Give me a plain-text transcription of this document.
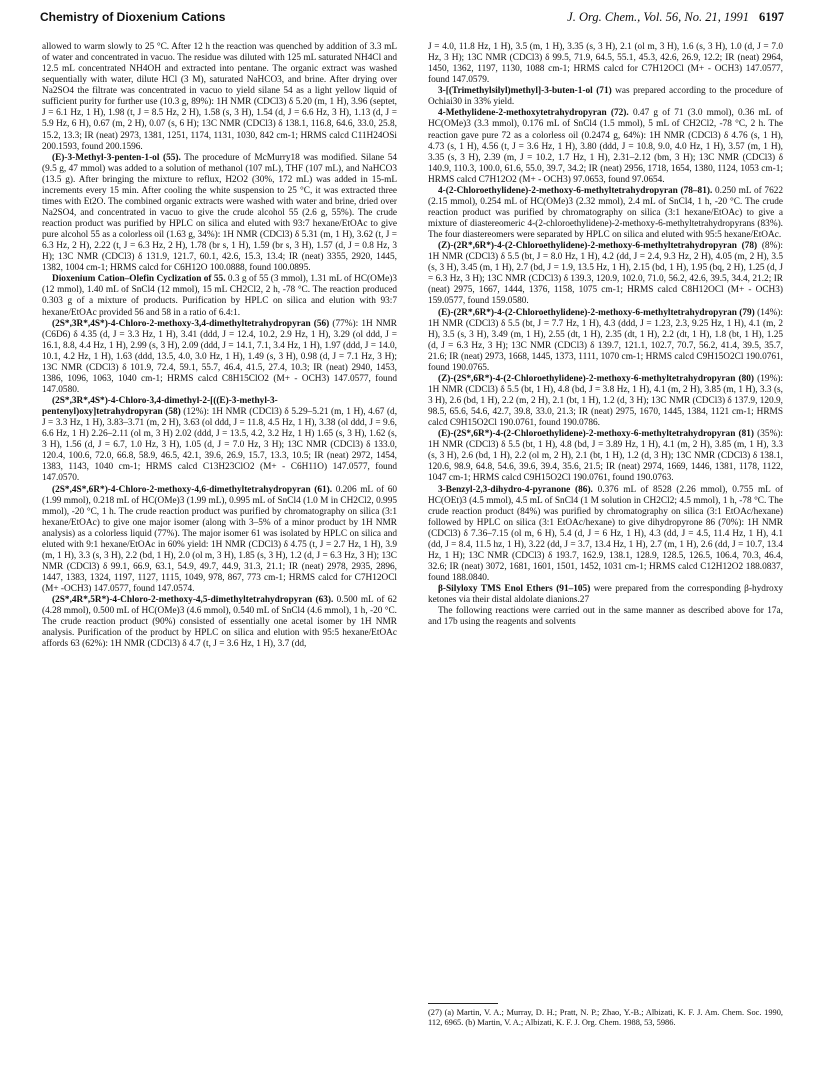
Chemistry of Dioxenium Cations	J. Org. Chem., Vol. 56, No. 21, 1991 6197

allowed to warm slowly to 25 °C. After 12 h the reaction was quenched by addition of 3.3 mL of water and concentrated in vacuo. The residue was diluted with 125 mL saturated NH4Cl and 12.5 mL concentrated NH4OH and extracted into pentane. The organic extract was washed sequentially with water, dilute HCl (3 M), saturated NaHCO3, and brine. After drying over Na2SO4 the filtrate was concentrated in vacuo to yield silane 54 as a light yellow liquid of sufficient purity for further use (10.3 g, 89%): 1H NMR (CDCl3) δ 5.20 (m, 1 H), 3.96 (septet, J = 6.1 Hz, 1 H), 1.98 (t, J = 8.5 Hz, 2 H), 1.58 (s, 3 H), 1.54 (d, J = 6.6 Hz, 3 H), 1.13 (d, J = 5.9 Hz, 6 H), 0.67 (m, 2 H), 0.07 (s, 6 H); 13C NMR (CDCl3) δ 138.1, 116.8, 64.6, 33.0, 25.8, 15.2, 13.3; IR (neat) 2973, 1381, 1251, 1174, 1131, 1030, 842 cm-1; HRMS calcd C11H24OSi 200.1593, found 200.1596.

(E)-3-Methyl-3-penten-1-ol (55). The procedure of McMurry18 was modified. Silane 54 (9.5 g, 47 mmol) was added to a solution of methanol (107 mL), THF (107 mL), and NaHCO3 (13.5 g). After bringing the mixture to reflux, H2O2 (30%, 172 mL) was added in 15-mL increments every 15 min. After cooling the white suspension to 25 °C, it was extracted three times with Et2O. The combined organic extracts were washed with water and brine, dried over Na2SO4, and concentrated in vacuo to give the crude alcohol 55 (2.6 g, 55%). The crude reaction product was purified by HPLC on silica and eluted with 93:7 hexane/EtOAc to give pure alcohol 55 as a colorless oil (1.63 g, 34%): 1H NMR (CDCl3) δ 5.31 (m, 1 H), 3.62 (t, J = 6.3 Hz, 2 H), 2.22 (t, J = 6.3 Hz, 2 H), 1.78 (br s, 1 H), 1.59 (br s, 3 H), 1.57 (d, J = 0.8 Hz, 3 H); 13C NMR (CDCl3) δ 131.9, 121.7, 60.1, 42.6, 15.3, 13.4; IR (neat) 3355, 2920, 1445, 1382, 1004 cm-1; HRMS calcd for C6H12O 100.0888, found 100.0895.

Dioxenium Cation–Olefin Cyclization of 55. 0.3 g of 55 (3 mmol), 1.31 mL of HC(OMe)3 (12 mmol), 1.40 mL of SnCl4 (12 mmol), 15 mL CH2Cl2, 2 h, -78 °C. The reaction produced 0.303 g of a mixture of products. Purification by HPLC on silica and elution with 93:7 hexane/EtOAc provided 56 and 58 in a ratio of 6.4:1.

(2S*,3R*,4S*)-4-Chloro-2-methoxy-3,4-dimethyltetrahydropyran (56) (77%): 1H NMR (C6D6) δ 4.35 (d, J = 3.3 Hz, 1 H), 3.41 (ddd, J = 12.4, 10.2, 2.9 Hz, 1 H), 3.29 (ol ddd, J = 16.1, 8.8, 4.4 Hz, 1 H), 2.99 (s, 3 H), 2.09 (ddd, J = 14.1, 7.1, 3.4 Hz, 1 H), 1.97 (ddd, J = 14.0, 10.1, 4.2 Hz, 1 H), 1.63 (ddd, 13.5, 4.0, 3.0 Hz, 1 H), 1.49 (s, 3 H), 0.98 (d, J = 7.1 Hz, 3 H); 13C NMR (CDCl3) δ 101.9, 72.4, 59.1, 55.7, 46.4, 41.5, 27.4, 10.3; IR (neat) 2940, 1453, 1386, 1096, 1063, 1040 cm-1; HRMS calcd C8H15ClO2 (M+ - OCH3) 147.0577, found 147.0580.

(2S*,3R*,4S*)-4-Chloro-3,4-dimethyl-2-[((E)-3-methyl-3-pentenyl)oxy]tetrahydropyran (58) (12%): 1H NMR (CDCl3) δ 5.29–5.21 (m, 1 H), 4.67 (d, J = 3.3 Hz, 1 H), 3.83–3.71 (m, 2 H), 3.63 (ol ddd, J = 11.8, 4.5 Hz, 1 H), 3.38 (ol ddd, J = 9.6, 6.6 Hz, 1 H) 2.26–2.11 (ol m, 3 H) 2.02 (ddd, J = 13.5, 4.2, 3.2 Hz, 1 H) 1.65 (s, 3 H), 1.62 (s, 3 H), 1.56 (d, J = 6.7, 1.0 Hz, 3 H), 1.05 (d, J = 7.0 Hz, 3 H); 13C NMR (CDCl3) δ 133.0, 120.4, 100.6, 72.0, 66.8, 58.9, 46.5, 42.1, 39.6, 26.9, 15.7, 13.3, 10.5; IR (neat) 2972, 1454, 1383, 1143, 1040 cm-1; HRMS calcd C13H23ClO2 (M+ - C6H11O) 147.0577, found 147.0570.

(2S*,4S*,6R*)-4-Chloro-2-methoxy-4,6-dimethyltetrahydropyran (61). 0.206 mL of 60 (1.99 mmol), 0.218 mL of HC(OMe)3 (1.99 mL), 0.995 mL of SnCl4 (1.0 M in CH2Cl2, 0.995 mmol), -20 °C, 1 h. The crude reaction product was purified by chromatography on silica (3:1 hexane/EtOAc) to give one major isomer (along with 3–5% of a minor product by 1H NMR analysis) as a colorless liquid (77%). The major isomer 61 was isolated by HPLC on silica and eluted with 9:1 hexane/EtOAc in 60% yield: 1H NMR (CDCl3) δ 4.75 (t, J = 2.7 Hz, 1 H), 3.9 (m, 1 H), 3.3 (s, 3 H), 2.2 (bd, 1 H), 2.0 (ol m, 3 H), 1.85 (s, 3 H), 1.2 (d, J = 6.3 Hz, 3 H); 13C NMR (CDCl3) δ 99.1, 66.9, 63.1, 54.9, 49.7, 44.9, 31.3, 21.1; IR (neat) 2978, 2935, 2896, 1447, 1383, 1324, 1197, 1127, 1115, 1049, 978, 867, 773 cm-1; HRMS calcd for C7H12OCl (M+ -OCH3) 147.0577, found 147.0574.

(2S*,4R*,5R*)-4-Chloro-2-methoxy-4,5-dimethyltetrahydropyran (63). 0.500 mL of 62 (4.28 mmol), 0.500 mL of HC(OMe)3 (4.6 mmol), 0.540 mL of SnCl4 (4.6 mmol), 1 h, -20 °C. The crude reaction product (90%) consisted of essentially one acetal isomer by 1H NMR analysis. Purification of the product by HPLC on silica and elution with 95:5 hexane/EtOAc affords 63 (62%): 1H NMR (CDCl3) δ 4.7 (t, J = 3.6 Hz, 1 H), 3.7 (dd,

J = 4.0, 11.8 Hz, 1 H), 3.5 (m, 1 H), 3.35 (s, 3 H), 2.1 (ol m, 3 H), 1.6 (s, 3 H), 1.0 (d, J = 7.0 Hz, 3 H); 13C NMR (CDCl3) δ 99.5, 71.9, 64.5, 55.1, 45.3, 42.6, 26.9, 12.2; IR (neat) 2964, 1450, 1362, 1197, 1130, 1088 cm-1; HRMS calcd for C7H12OCl (M+ - OCH3) 147.0577, found 147.0579.

3-[(Trimethylsilyl)methyl]-3-buten-1-ol (71) was prepared according to the procedure of Ochiai30 in 33% yield.

4-Methylidene-2-methoxytetrahydropyran (72). 0.47 g of 71 (3.0 mmol), 0.36 mL of HC(OMe)3 (3.3 mmol), 0.176 mL of SnCl4 (1.5 mmol), 5 mL of CH2Cl2, -78 °C, 2 h. The reaction gave pure 72 as a colorless oil (0.2474 g, 64%): 1H NMR (CDCl3) δ 4.76 (s, 1 H), 4.73 (s, 1 H), 4.56 (t, J = 3.6 Hz, 1 H), 3.80 (ddd, J = 10.8, 9.0, 4.0 Hz, 1 H), 3.57 (m, 1 H), 3.35 (s, 3 H), 2.39 (m, J = 10.2, 1.7 Hz, 1 H), 2.31–2.12 (bm, 3 H); 13C NMR (CDCl3) δ 140.9, 110.3, 100.0, 61.6, 55.0, 39.7, 34.2; IR (neat) 2956, 1718, 1654, 1380, 1124, 1053 cm-1; HRMS calcd C7H12O2 (M+ - OCH3) 97.0653, found 97.0654.

4-(2-Chloroethylidene)-2-methoxy-6-methyltetrahydropyran (78–81). 0.250 mL of 7622 (2.15 mmol), 0.254 mL of HC(OMe)3 (2.32 mmol), 2.4 mL of SnCl4, 1 h, -20 °C. The crude reaction product was purified by chromatography on silica (3:1 hexane/EtOAc) to give a mixture of diastereomeric 4-(2-chloroethylidene)-2-methoxy-6-methyltetrahydropyrans (83%). The four diastereomers were separated by HPLC on silica and eluted with 95:5 hexane/EtOAc.

(Z)-(2R*,6R*)-4-(2-Chloroethylidene)-2-methoxy-6-methyltetrahydropyran (78) (8%): 1H NMR (CDCl3) δ 5.5 (bt, J = 8.0 Hz, 1 H), 4.2 (dd, J = 2.4, 9.3 Hz, 2 H), 4.05 (m, 2 H), 3.5 (s, 3 H), 3.45 (m, 1 H), 2.7 (bd, J = 1.9, 13.5 Hz, 1 H), 2.15 (bd, 1 H), 1.95 (bq, 2 H), 1.25 (d, J = 6.3 Hz, 3 H); 13C NMR (CDCl3) δ 139.3, 120.9, 102.0, 71.0, 56.2, 42.6, 39.5, 34.4, 21.2; IR (neat) 2975, 1667, 1444, 1376, 1158, 1075 cm-1; HRMS calcd C8H12OCl (M+ - OCH3) 159.0577, found 159.0580.

(E)-(2R*,6R*)-4-(2-Chloroethylidene)-2-methoxy-6-methyltetrahydropyran (79) (14%): 1H NMR (CDCl3) δ 5.5 (bt, J = 7.7 Hz, 1 H), 4.3 (ddd, J = 1.23, 2.3, 9.25 Hz, 1 H), 4.1 (m, 2 H), 3.5 (s, 3 H), 3.49 (m, 1 H), 2.55 (dt, 1 H), 2.35 (dt, 1 H), 2.2 (dt, 1 H), 1.8 (bt, 1 H), 1.25 (d, J = 6.3 Hz, 3 H); 13C NMR (CDCl3) δ 139.7, 121.1, 102.7, 70.7, 56.2, 41.4, 39.5, 35.7, 21.6; IR (neat) 2973, 1668, 1445, 1373, 1111, 1070 cm-1; HRMS calcd C9H15O2Cl 190.0761, found 190.0765.

(Z)-(2S*,6R*)-4-(2-Chloroethylidene)-2-methoxy-6-methyltetrahydropyran (80) (19%): 1H NMR (CDCl3) δ 5.5 (bt, 1 H), 4.8 (bd, J = 3.8 Hz, 1 H), 4.1 (m, 2 H), 3.85 (m, 1 H), 3.3 (s, 3 H), 2.6 (bd, 1 H), 2.2 (m, 2 H), 2.1 (bt, 1 H), 1.2 (d, 3 H); 13C NMR (CDCl3) δ 137.9, 120.9, 98.5, 65.6, 54.6, 42.7, 39.8, 33.0, 21.3; IR (neat) 2975, 1670, 1445, 1384, 1121 cm-1; HRMS calcd C9H15O2Cl 190.0761, found 190.0786.

(E)-(2S*,6R*)-4-(2-Chloroethylidene)-2-methoxy-6-methyltetrahydropyran (81) (35%): 1H NMR (CDCl3) δ 5.5 (bt, 1 H), 4.8 (bd, J = 3.89 Hz, 1 H), 4.1 (m, 2 H), 3.85 (m, 1 H), 3.3 (s, 3 H), 2.6 (bd, 1 H), 2.2 (ol m, 2 H), 2.1 (bt, 1 H), 1.2 (d, 3 H); 13C NMR (CDCl3) δ 138.1, 120.6, 98.9, 64.8, 54.6, 39.6, 39.4, 35.6, 21.5; IR (neat) 2974, 1669, 1446, 1381, 1178, 1122, 1047 cm-1; HRMS calcd C9H15O2Cl 190.0761, found 190.0763.

3-Benzyl-2,3-dihydro-4-pyranone (86). 0.376 mL of 8528 (2.26 mmol), 0.755 mL of HC(OEt)3 (4.5 mmol), 4.5 mL of SnCl4 (1 M solution in CH2Cl2; 4.5 mmol), 1 h, -78 °C. The crude reaction product (84%) was purified by chromatography on silica (3:1 EtOAc/hexane) followed by HPLC on silica (3:1 EtOAc/hexane) to give dihydropyrone 86 (70%): 1H NMR (CDCl3) δ 7.36–7.15 (ol m, 6 H), 5.4 (d, J = 6 Hz, 1 H), 4.3 (dd, J = 4.5, 11.4 Hz, 1 H), 4.1 (dd, J = 8.4, 11.5 hz, 1 H), 3.22 (dd, J = 3.7, 13.4 Hz, 1 H), 2.7 (m, 1 H), 2.6 (dd, J = 10.7, 13.4 Hz, 1 H); 13C NMR (CDCl3) δ 193.7, 162.9, 138.1, 128.9, 128.5, 126.5, 106.4, 70.3, 46.4, 32.6; IR (neat) 3072, 1681, 1601, 1501, 1452, 1031 cm-1; HRMS calcd C12H12O2 188.0837, found 188.0840.

β-Silyloxy TMS Enol Ethers (91–105) were prepared from the corresponding β-hydroxy ketones via their distal aldolate dianions.27

The following reactions were carried out in the same manner as described above for 17a, and 17b using the reagents and solvents

(27) (a) Martin, V. A.; Murray, D. H.; Pratt, N. P.; Zhao, Y.-B.; Albizati, K. F. J. Am. Chem. Soc. 1990, 112, 6965. (b) Martin, V. A.; Albizati, K. F. J. Org. Chem. 1988, 53, 5986.
